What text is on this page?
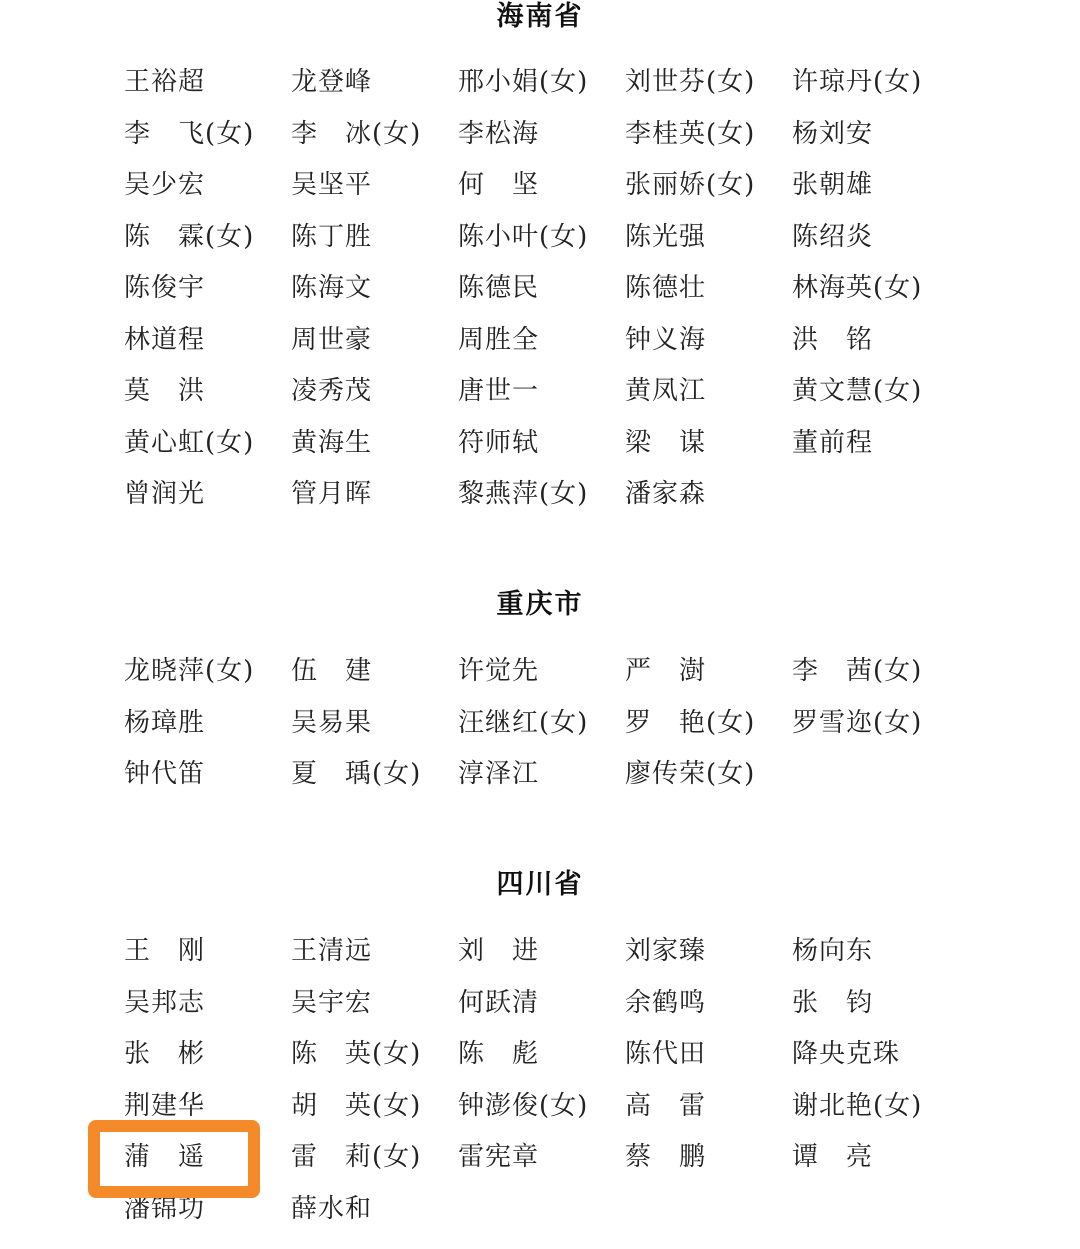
海南省
王裕超	龙登峰	邢小娟(女)	刘世芬(女)	许琼丹(女)
李　飞(女)	李　冰(女)	李松海	李桂英(女)	杨刘安
吴少宏	吴坚平	何　坚	张丽娇(女)	张朝雄
陈　霖(女)	陈丁胜	陈小叶(女)	陈光强	陈绍炎
陈俊宇	陈海文	陈德民	陈德壮	林海英(女)
林道程	周世豪	周胜全	钟义海	洪　铭
莫　洪	凌秀茂	唐世一	黄凤江	黄文慧(女)
黄心虹(女)	黄海生	符师轼	梁　谋	董前程
曾润光	管月晖	黎燕萍(女)	潘家森
重庆市
龙晓萍(女)	伍　建	许觉先	严　澍	李　茜(女)
杨璋胜	吴易果	汪继红(女)	罗　艳(女)	罗雪迩(女)
钟代笛	夏　瑀(女)	淳泽江	廖传荣(女)
四川省
王　刚	王清远	刘　进	刘家臻	杨向东
吴邦志	吴宇宏	何跃清	余鹤鸣	张　钧
张　彬	陈　英(女)	陈　彪	陈代田	降央克珠
荆建华	胡　英(女)	钟澎俊(女)	高　雷	谢北艳(女)
蒲　遥	雷　莉(女)	雷宪章	蔡　鹏	谭　亮
潘锦功	薛水和
